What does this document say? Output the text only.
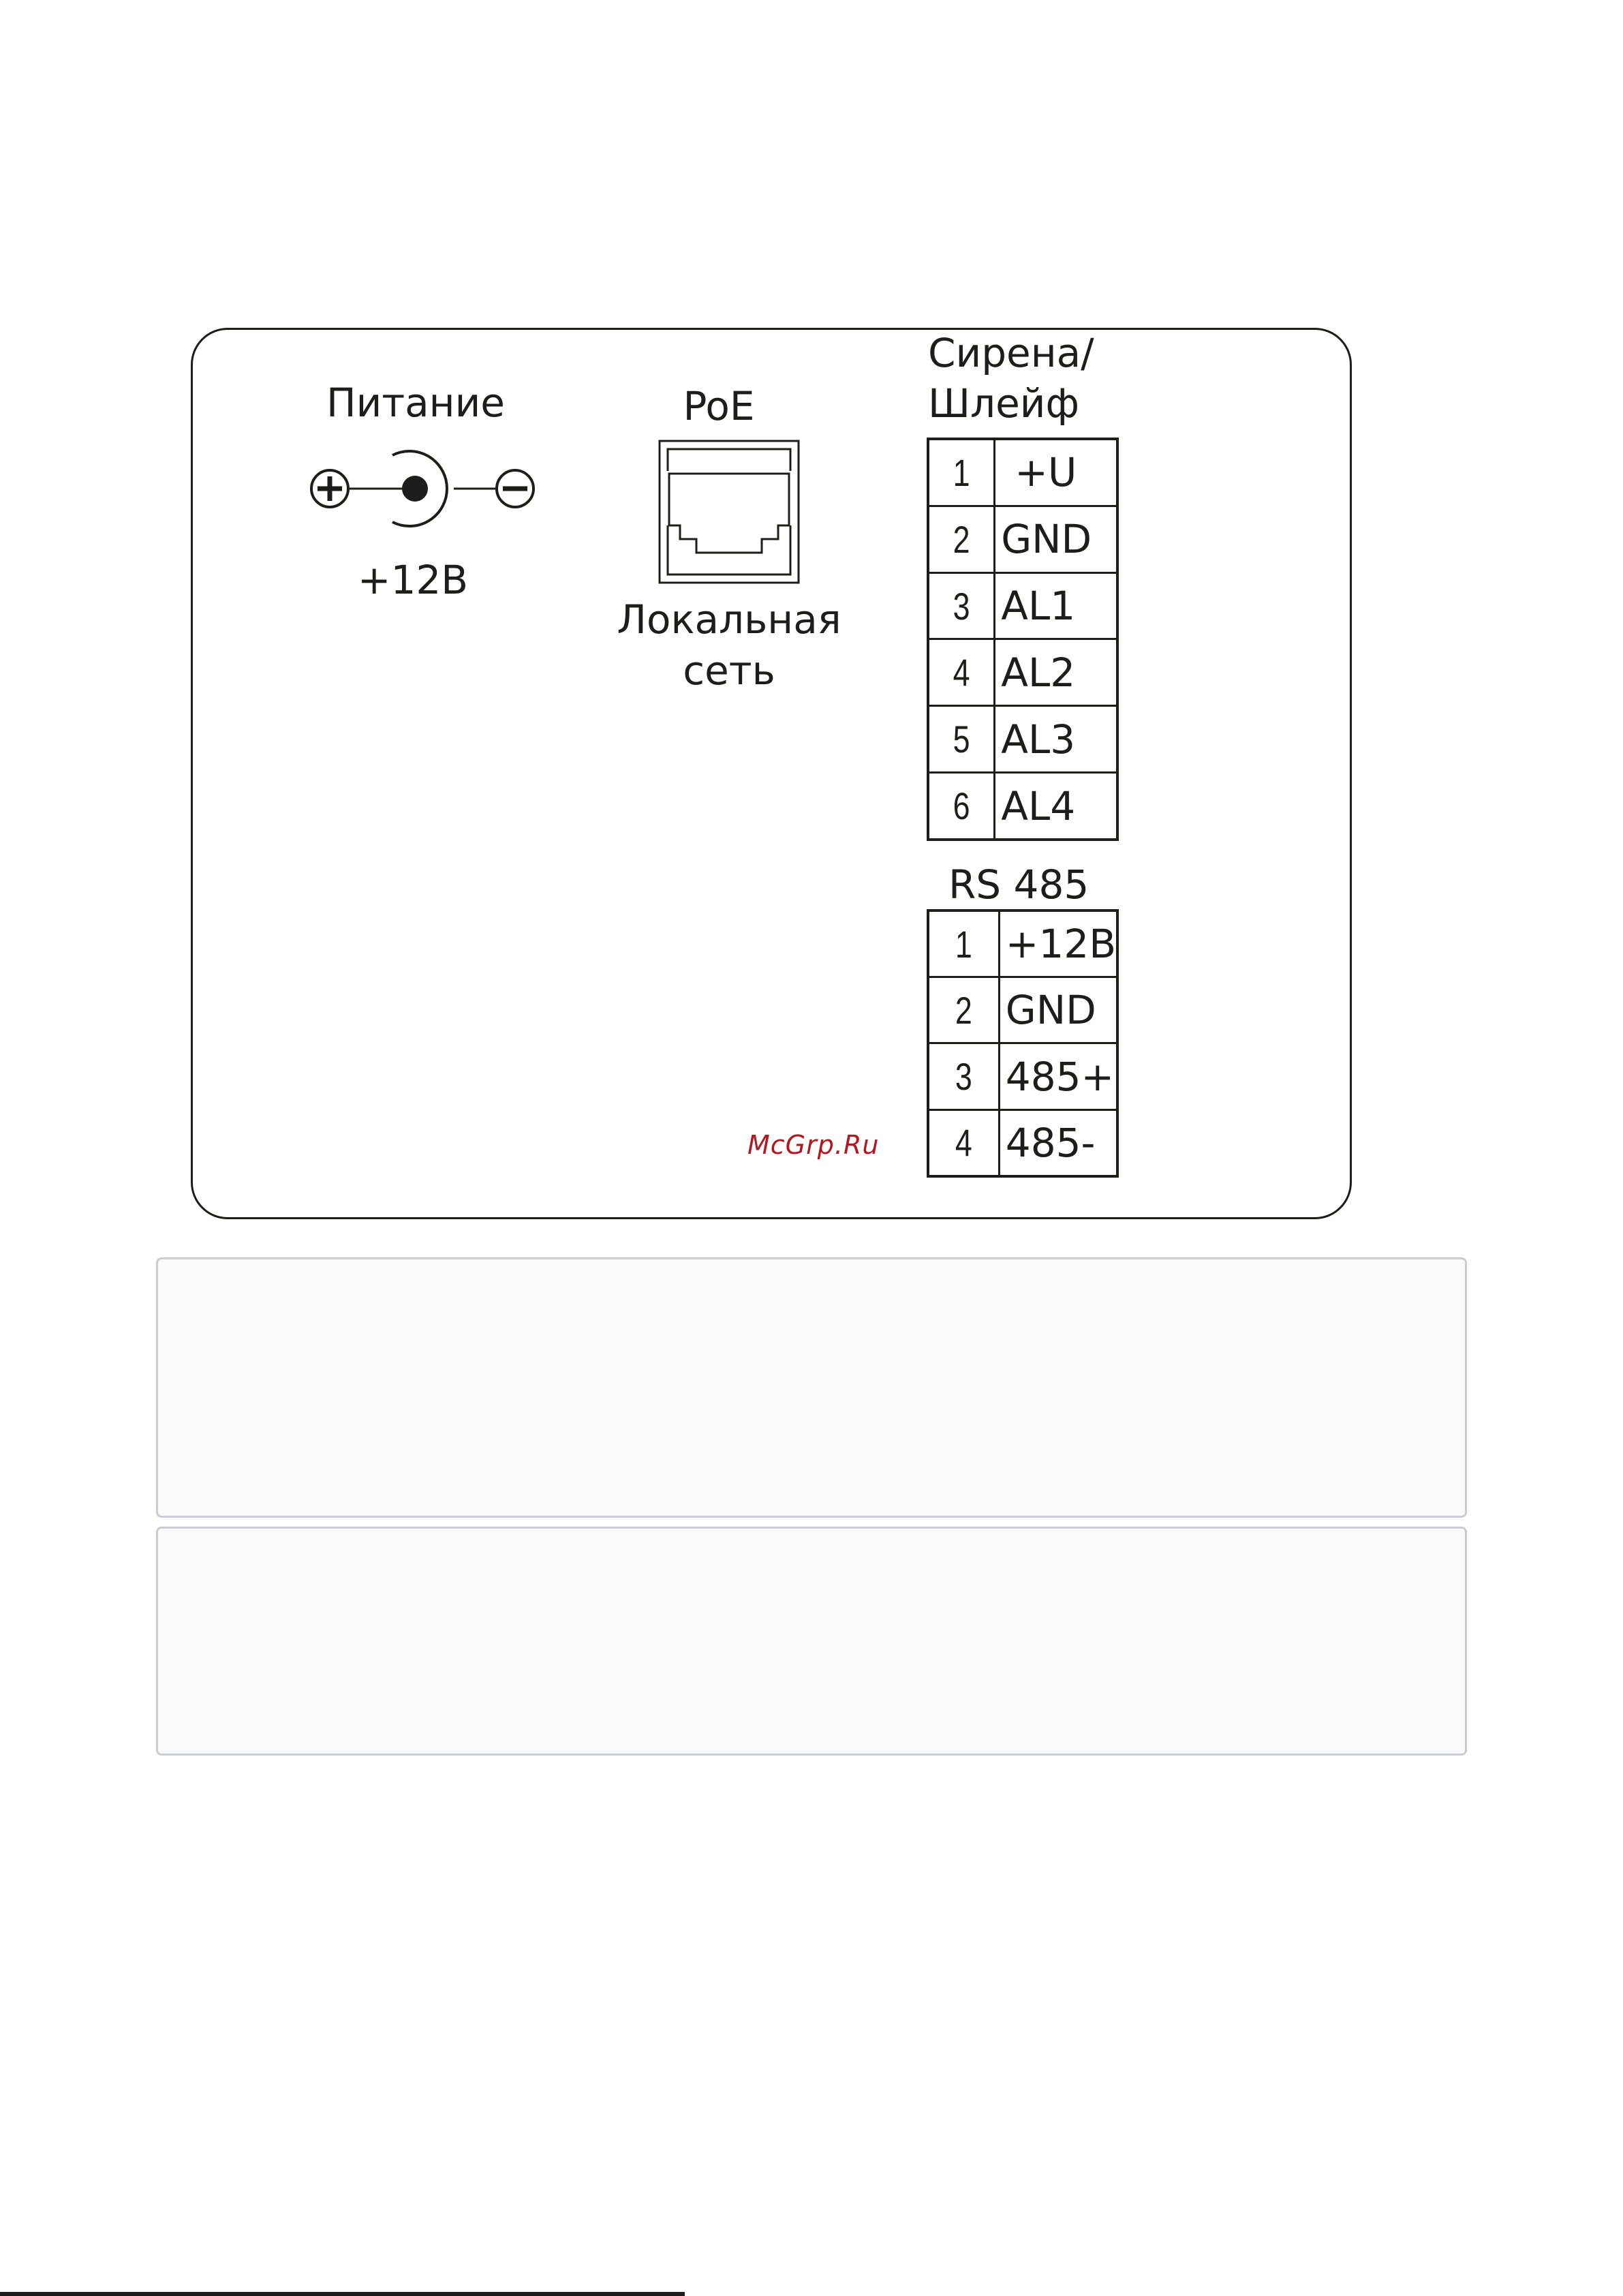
Питание
+12В
PoE
Локальная
сеть
Сирена/
Шлейф
1	+U
2	GND
3	AL1
4	AL2
5	AL3
6	AL4
RS 485
1	+12В
2	GND
3	485+
4	485-
McGrp.Ru
